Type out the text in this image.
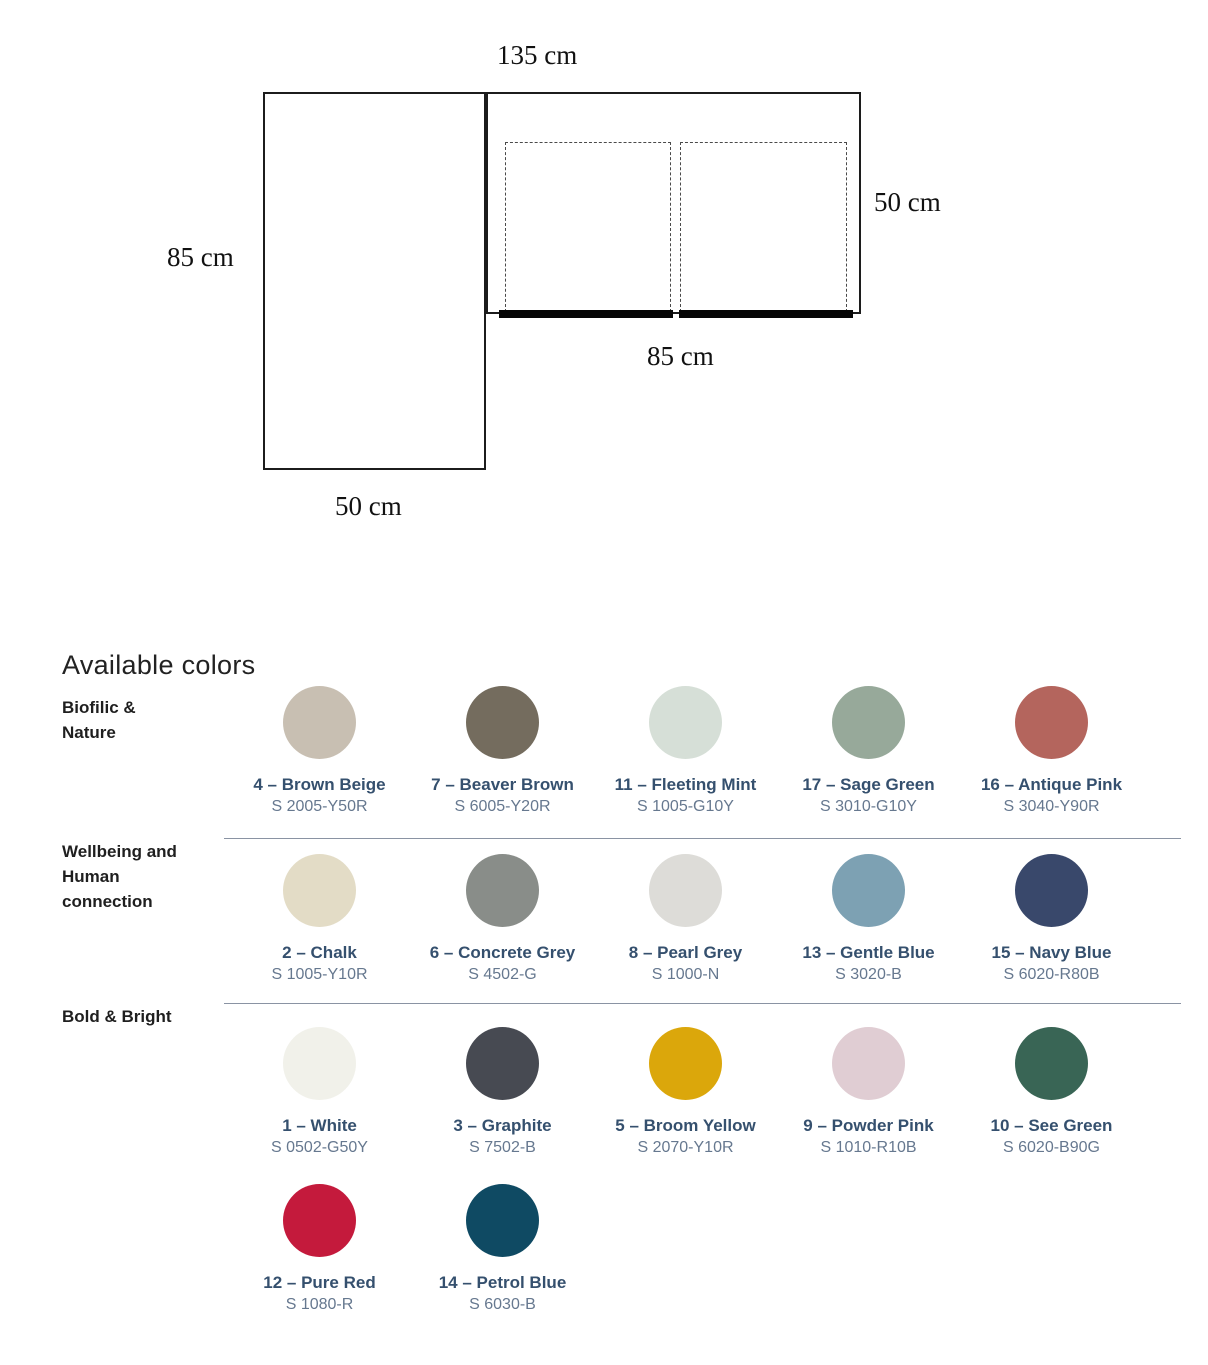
135 cm
85 cm
50 cm
85 cm
50 cm
Available colors
Biofilic & Nature
4 – Brown Beige
S 2005-Y50R
7 – Beaver Brown
S 6005-Y20R
11 – Fleeting Mint
S 1005-G10Y
17 – Sage Green
S 3010-G10Y
16 – Antique Pink
S 3040-Y90R
Wellbeing and Human connection
2 – Chalk
S 1005-Y10R
6 – Concrete Grey
S 4502-G
8 – Pearl Grey
S 1000-N
13 – Gentle Blue
S 3020-B
15 – Navy Blue
S 6020-R80B
Bold & Bright
1 – White
S 0502-G50Y
3 – Graphite
S 7502-B
5 – Broom Yellow
S 2070-Y10R
9 – Powder Pink
S 1010-R10B
10 – See Green
S 6020-B90G
12 – Pure Red
S 1080-R
14 – Petrol Blue
S 6030-B
